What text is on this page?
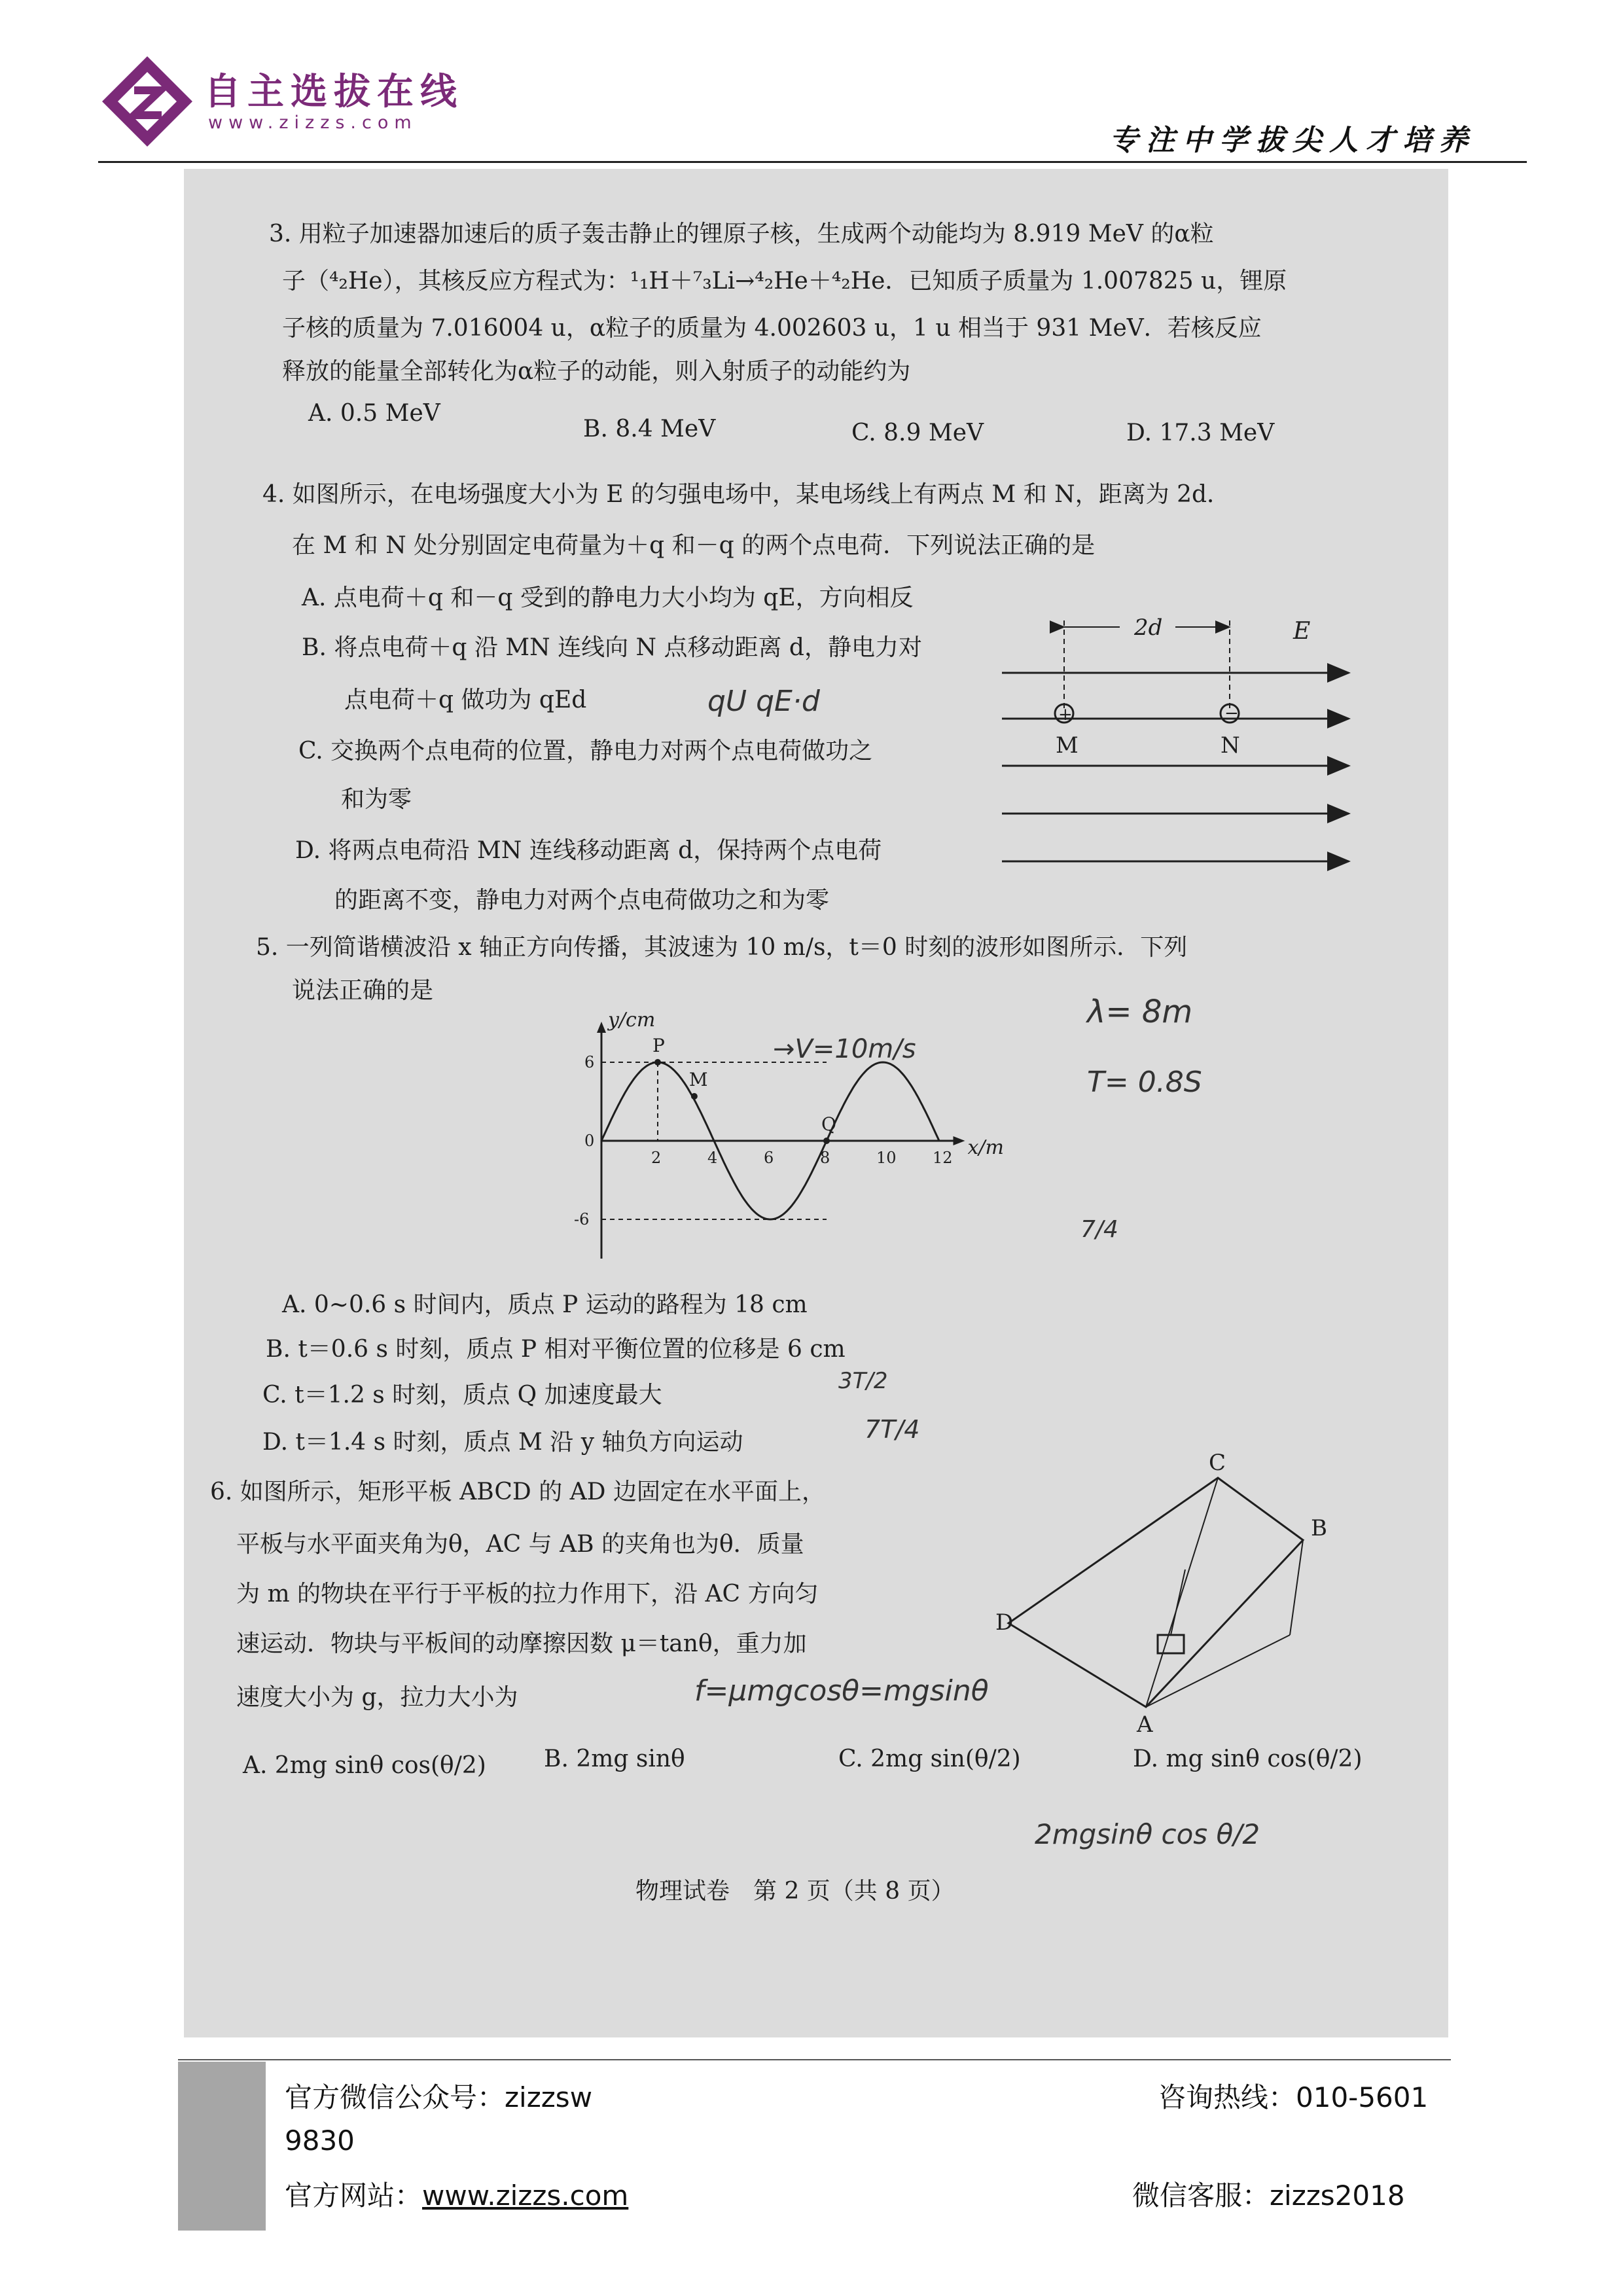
自主选拔在线
www.zizzs.com
专注中学拔尖人才培养
3. 用粒子加速器加速后的质子轰击静止的锂原子核，生成两个动能均为 8.919 MeV 的α粒
子（⁴₂He），其核反应方程式为：¹₁H＋⁷₃Li→⁴₂He＋⁴₂He．已知质子质量为 1.007825 u，锂原
子核的质量为 7.016004 u，α粒子的质量为 4.002603 u，1 u 相当于 931 MeV．若核反应
释放的能量全部转化为α粒子的动能，则入射质子的动能约为
A. 0.5 MeV
B. 8.4 MeV	C. 8.9 MeV	D. 17.3 MeV
4. 如图所示，在电场强度大小为 E 的匀强电场中，某电场线上有两点 M 和 N，距离为 2d．
在 M 和 N 处分别固定电荷量为＋q 和－q 的两个点电荷．下列说法正确的是
A. 点电荷＋q 和－q 受到的静电力大小均为 qE，方向相反
B. 将点电荷＋q 沿 MN 连线向 N 点移动距离 d，静电力对
点电荷＋q 做功为 qEd	qU qE·d
C. 交换两个点电荷的位置，静电力对两个点电荷做功之
和为零
D. 将两点电荷沿 MN 连线移动距离 d，保持两个点电荷
的距离不变，静电力对两个点电荷做功之和为零
2d	E
+	−
M	N
5. 一列简谐横波沿 x 轴正方向传播，其波速为 10 m/s，t＝0 时刻的波形如图所示．下列
说法正确的是
→V=10m/s
λ= 8m
T= 0.8S
7/4
2	4	6	8	10 12
6
0
-6
P
M
Q
x/m
y/cm
A. 0~0.6 s 时间内，质点 P 运动的路程为 18 cm
B. t＝0.6 s 时刻，质点 P 相对平衡位置的位移是 6 cm
C. t＝1.2 s 时刻，质点 Q 加速度最大
3T/2
D. t＝1.4 s 时刻，质点 M 沿 y 轴负方向运动	7T/4
6. 如图所示，矩形平板 ABCD 的 AD 边固定在水平面上，
平板与水平面夹角为θ，AC 与 AB 的夹角也为θ．质量
为 m 的物块在平行于平板的拉力作用下，沿 AC 方向匀
速运动．物块与平板间的动摩擦因数 μ＝tanθ，重力加
速度大小为 g，拉力大小为	f=μmgcosθ=mgsinθ
A. 2mg sinθ cos(θ/2) B. 2mg sinθ	C. 2mg sin(θ/2)	D. mg sinθ cos(θ/2)
2mgsinθ cos θ/2
C
B
D
A
物理试卷　第 2 页（共 8 页）
官方微信公众号：zizzsw
9830
咨询热线：010-5601
官方网站：www.zizzs.com	微信客服：zizzs2018
